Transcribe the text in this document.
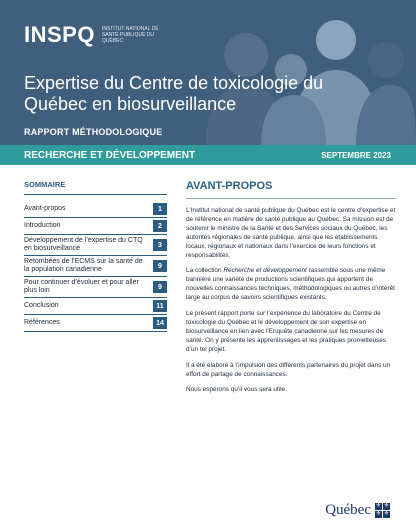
INSPQ INSTITUT NATIONAL DE SANTÉ PUBLIQUE DU QUÉBEC
Expertise du Centre de toxicologie du Québec en biosurveillance
RAPPORT MÉTHODOLOGIQUE
RECHERCHE ET DÉVELOPPEMENT	SEPTEMBRE 2023
SOMMAIRE
Avant-propos	1
Introduction	2
Développement de l’expertise du CTQ en biosurveillance	3
Retombées de l’ECMS sur la santé de la population canadienne	9
Pour continuer d’évoluer et pour aller plus loin	9
Conclusion	11
Références	14
AVANT-PROPOS

L’Institut national de santé publique du Québec est le centre d’expertise et de référence en matière de santé publique au Québec. Sa mission est de soutenir le ministre de la Santé et des Services sociaux du Québec, les autorités régionales de santé publique, ainsi que les établissements locaux, régionaux et nationaux dans l’exercice de leurs fonctions et responsabilités.

La collection Recherche et développement rassemble sous une même bannière une variété de productions scientifiques qui apportent de nouvelles connaissances techniques, méthodologiques ou autres d’intérêt large au corpus de savoirs scientifiques existants.

Le présent rapport porte sur l’expérience du laboratoire du Centre de toxicologie du Québec et le développement de son expertise en biosurveillance en lien avec l’Enquête canadienne sur les mesures de santé. On y présente les apprentissages et les pratiques prometteuses d’un tel projet.

Il a été élaboré à l’impulsion des différents partenaires du projet dans un effort de partage de connaissances.

Nous espérons qu’il vous sera utile.

Québec ⚜ ⚜
⚜ ⚜
